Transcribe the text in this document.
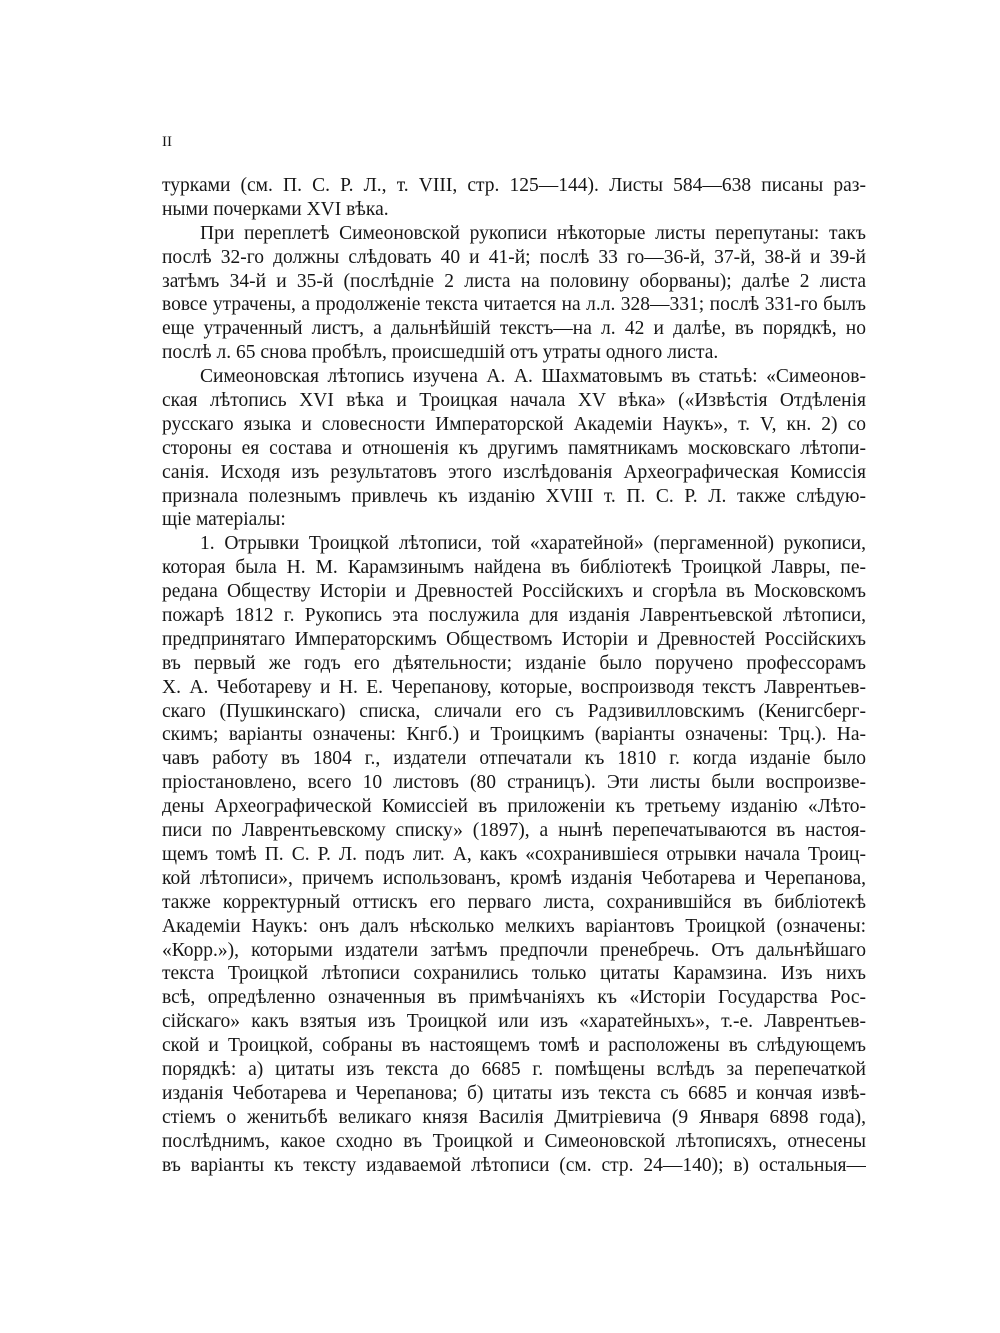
II
турками (см. П. С. Р. Л., т. VIII, стр. 125—144). Листы 584—638 писаны раз-
ными почерками XVI вѣка.
При переплетѣ Симеоновской рукописи нѣкоторые листы перепутаны: такъ
послѣ 32-го должны слѣдовать 40 и 41-й; послѣ 33 го—36-й, 37-й, 38-й и 39-й
затѣмъ 34-й и 35-й (послѣдніе 2 листа на половину оборваны); далѣе 2 листа
вовсе утрачены, а продолженіе текста читается на л.л. 328—331; послѣ 331-го былъ
еще утраченный листъ, а дальнѣйшій текстъ—на л. 42 и далѣе, въ порядкѣ, но
послѣ л. 65 снова пробѣлъ, происшедшій отъ утраты одного листа.
Симеоновская лѣтопись изучена А. А. Шахматовымъ въ статьѣ: «Симеонов-
ская лѣтопись XVI вѣка и Троицкая начала XV вѣка» («Извѣстія Отдѣленія
русскаго языка и словесности Императорской Академіи Наукъ», т. V, кн. 2) со
стороны ея состава и отношенія къ другимъ памятникамъ московскаго лѣтопи-
санія. Исходя изъ результатовъ этого изслѣдованія Археографическая Комиссія
признала полезнымъ привлечь къ изданію XVIII т. П. С. Р. Л. также слѣдую-
щіе матеріалы:
1. Отрывки Троицкой лѣтописи, той «харатейной» (пергаменной) рукописи,
которая была Н. М. Карамзинымъ найдена въ библіотекѣ Троицкой Лавры, пе-
редана Обществу Исторіи и Древностей Россійскихъ и сгорѣла въ Московскомъ
пожарѣ 1812 г. Рукопись эта послужила для изданія Лаврентьевской лѣтописи,
предпринятаго Императорскимъ Обществомъ Исторіи и Древностей Россійскихъ
въ первый же годъ его дѣятельности; изданіе было поручено профессорамъ
Х. А. Чеботареву и Н. Е. Черепанову, которые, воспроизводя текстъ Лаврентьев-
скаго (Пушкинскаго) списка, сличали его съ Радзивилловскимъ (Кенигсберг-
скимъ; варіанты означены: Кнгб.) и Троицкимъ (варіанты означены: Трц.). На-
чавъ работу въ 1804 г., издатели отпечатали къ 1810 г. когда изданіе было
пріостановлено, всего 10 листовъ (80 страницъ). Эти листы были воспроизве-
дены Археографической Комиссіей въ приложеніи къ третьему изданію «Лѣто-
писи по Лаврентьевскому списку» (1897), а нынѣ перепечатываются въ настоя-
щемъ томѣ П. С. Р. Л. подъ лит. А, какъ «сохранившіеся отрывки начала Троиц-
кой лѣтописи», причемъ использованъ, кромѣ изданія Чеботарева и Черепанова,
также корректурный оттискъ его перваго листа, сохранившійся въ библіотекѣ
Академіи Наукъ: онъ далъ нѣсколько мелкихъ варіантовъ Троицкой (означены:
«Корр.»), которыми издатели затѣмъ предпочли пренебречь. Отъ дальнѣйшаго
текста Троицкой лѣтописи сохранились только цитаты Карамзина. Изъ нихъ
всѣ, опредѣленно означенныя въ примѣчаніяхъ къ «Исторіи Государства Рос-
сійскаго» какъ взятыя изъ Троицкой или изъ «харатейныхъ», т.-е. Лаврентьев-
ской и Троицкой, собраны въ настоящемъ томѣ и расположены въ слѣдующемъ
порядкѣ: а) цитаты изъ текста до 6685 г. помѣщены вслѣдъ за перепечаткой
изданія Чеботарева и Черепанова; б) цитаты изъ текста съ 6685 и кончая извѣ-
стіемъ о женитьбѣ великаго князя Василія Дмитріевича (9 Января 6898 года),
послѣднимъ, какое сходно въ Троицкой и Симеоновской лѣтописяхъ, отнесены
въ варіанты къ тексту издаваемой лѣтописи (см. стр. 24—140); в) остальныя—
